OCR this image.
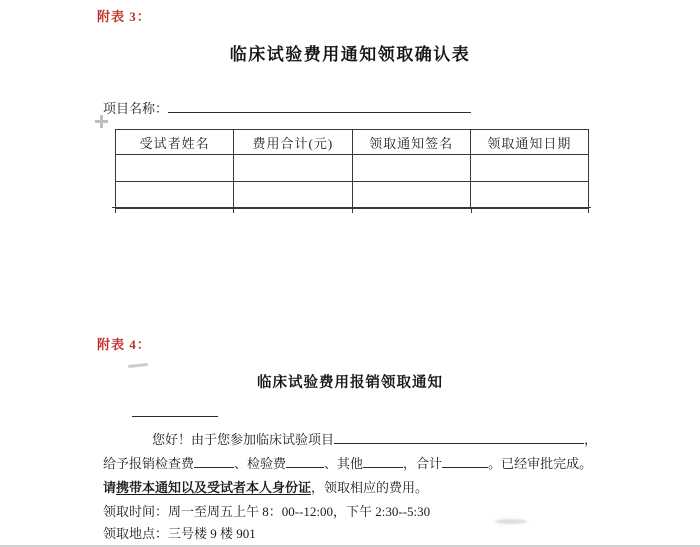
附表 3：
临床试验费用通知领取确认表
项目名称：
受试者姓名	费用合计(元)	领取通知签名	领取通知日期

附表 4：
临床试验费用报销领取通知
您好！由于您参加临床试验项目	，
给予报销检查费	、检验费	、其他	，合计	。已经审批完成。
请携带本通知以及受试者本人身份证，领取相应的费用。
领取时间：周一至周五上午 8：00--12:00，下午 2:30--5:30
领取地点：三号楼 9 楼 901
